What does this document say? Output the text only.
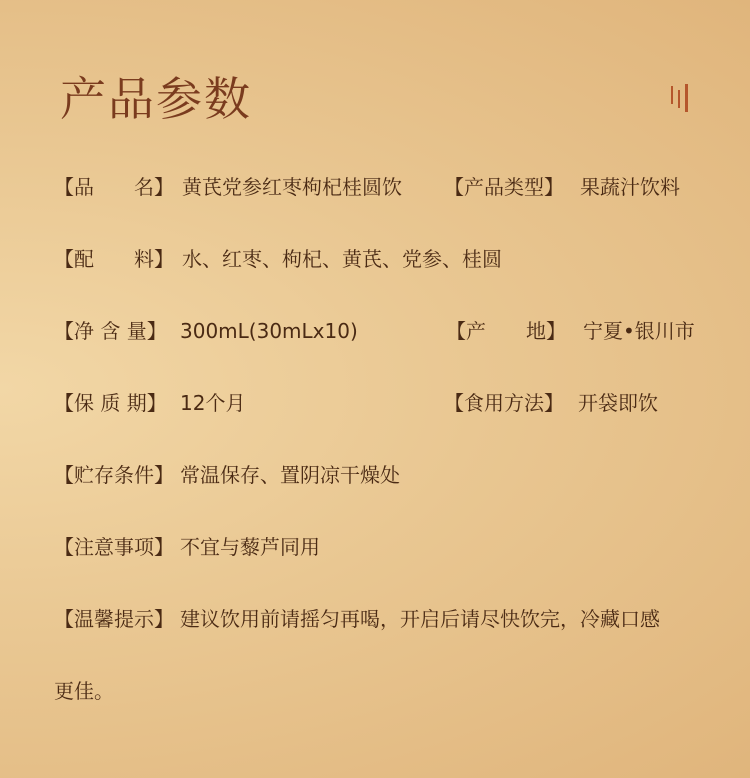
产品参数
【品　　名】 黄芪党参红枣枸杞桂圆饮 【产品类型】 果蔬汁饮料
【配　　料】 水、红枣、枸杞、黄芪、党参、桂圆
【净 含 量】 300mL(30mLx10)	【产　　地】 宁夏•银川市
【保 质 期】 12个月	【食用方法】 开袋即饮
【贮存条件】 常温保存、置阴凉干燥处
【注意事项】 不宜与藜芦同用
【温馨提示】 建议饮用前请摇匀再喝，开启后请尽快饮完，冷藏口感
更佳。
